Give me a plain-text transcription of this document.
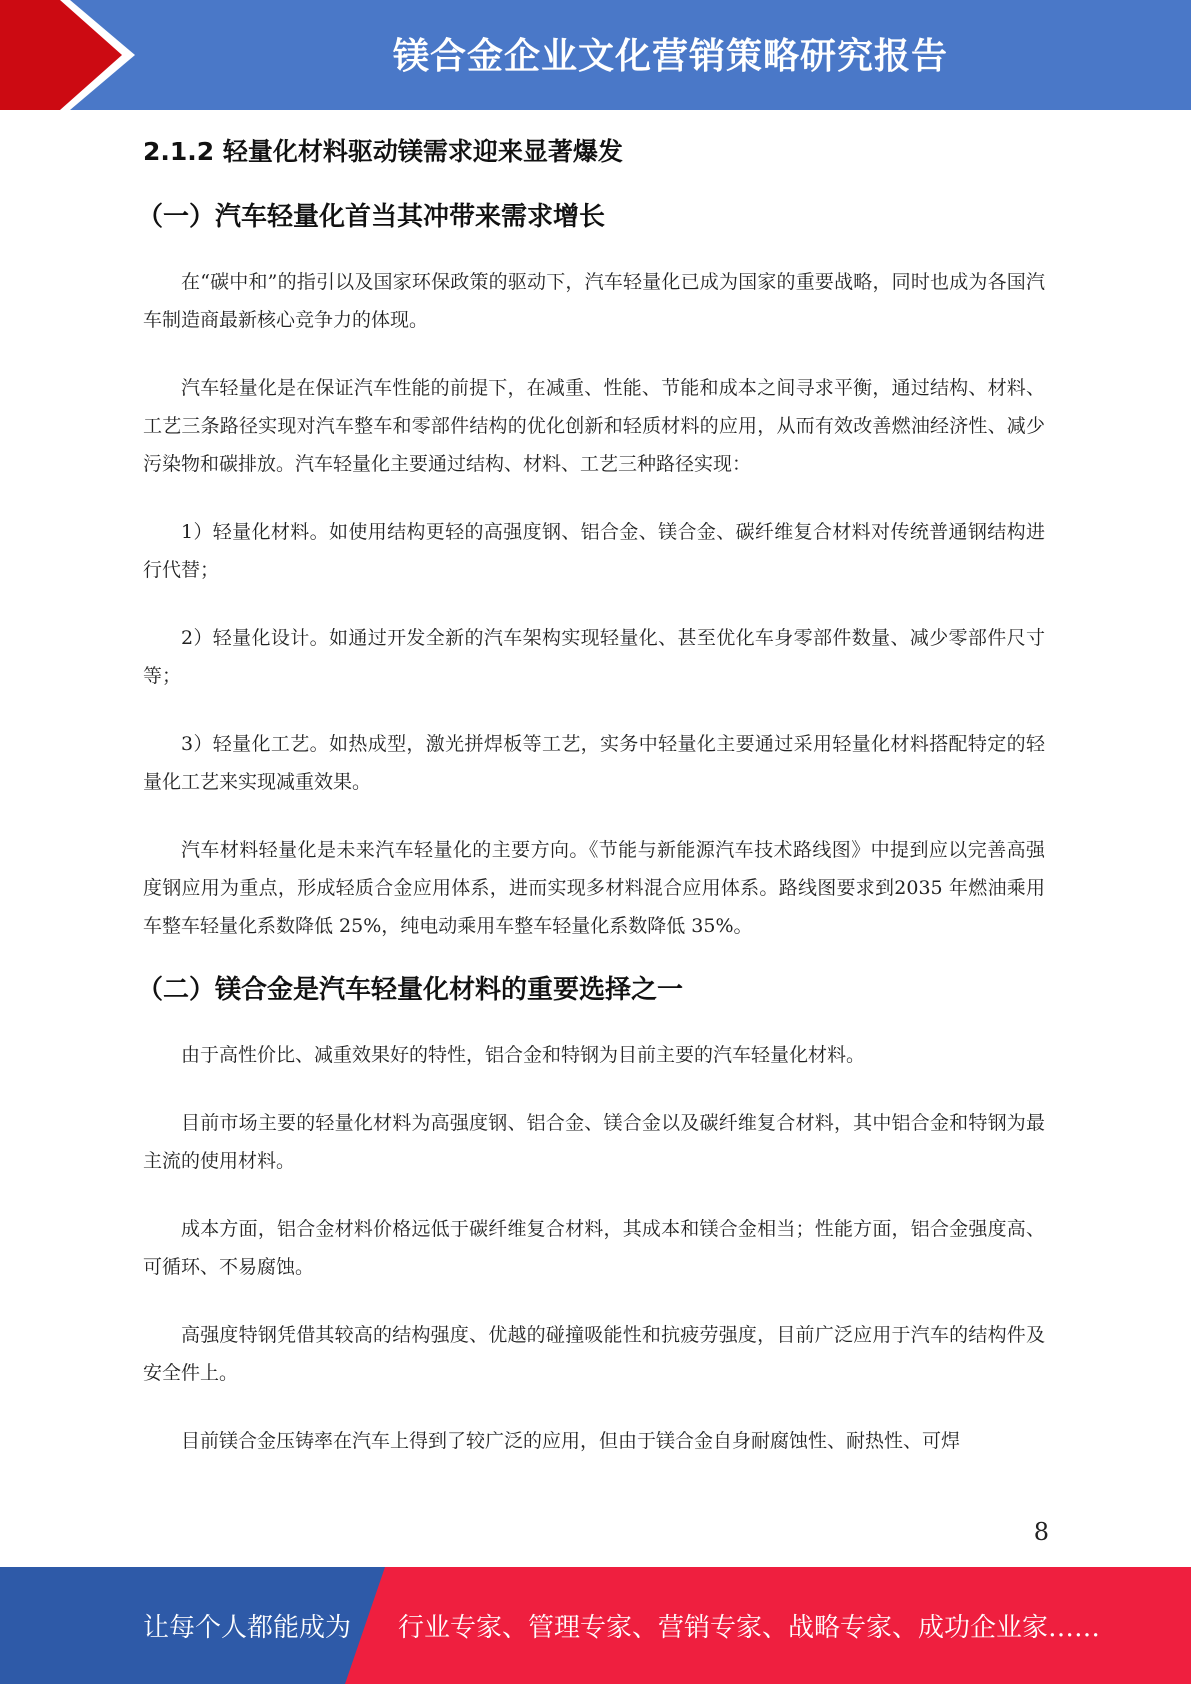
镁合金企业文化营销策略研究报告
2.1.2 轻量化材料驱动镁需求迎来显著爆发
（一）汽车轻量化首当其冲带来需求增长

在“碳中和”的指引以及国家环保政策的驱动下，汽车轻量化已成为国家的重要战略，同时也成为各国汽车制造商最新核心竞争力的体现。

汽车轻量化是在保证汽车性能的前提下，在减重、性能、节能和成本之间寻求平衡，通过结构、材料、工艺三条路径实现对汽车整车和零部件结构的优化创新和轻质材料的应用，从而有效改善燃油经济性、减少污染物和碳排放。汽车轻量化主要通过结构、材料、工艺三种路径实现：

1）轻量化材料。如使用结构更轻的高强度钢、铝合金、镁合金、碳纤维复合材料对传统普通钢结构进行代替；

2）轻量化设计。如通过开发全新的汽车架构实现轻量化、甚至优化车身零部件数量、减少零部件尺寸等；

3）轻量化工艺。如热成型，激光拼焊板等工艺，实务中轻量化主要通过采用轻量化材料搭配特定的轻量化工艺来实现减重效果。

汽车材料轻量化是未来汽车轻量化的主要方向。《节能与新能源汽车技术路线图》中提到应以完善高强度钢应用为重点，形成轻质合金应用体系，进而实现多材料混合应用体系。路线图要求到2035 年燃油乘用车整车轻量化系数降低 25%，纯电动乘用车整车轻量化系数降低 35%。

（二）镁合金是汽车轻量化材料的重要选择之一

由于高性价比、减重效果好的特性，铝合金和特钢为目前主要的汽车轻量化材料。

目前市场主要的轻量化材料为高强度钢、铝合金、镁合金以及碳纤维复合材料，其中铝合金和特钢为最主流的使用材料。

成本方面，铝合金材料价格远低于碳纤维复合材料，其成本和镁合金相当；性能方面，铝合金强度高、可循环、不易腐蚀。

高强度特钢凭借其较高的结构强度、优越的碰撞吸能性和抗疲劳强度，目前广泛应用于汽车的结构件及安全件上。

目前镁合金压铸率在汽车上得到了较广泛的应用，但由于镁合金自身耐腐蚀性、耐热性、可焊

8
让每个人都能成为 行业专家、管理专家、营销专家、战略专家、成功企业家……
